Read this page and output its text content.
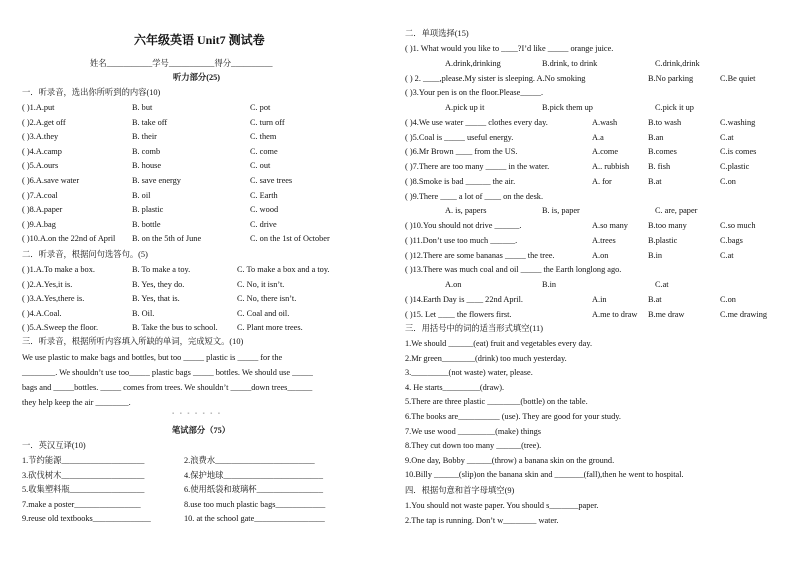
六年级英语 Unit7 测试卷
姓名___________学号___________得分__________
听力部分(25)
一．听录音，选出你所听到的内容(10)
( )1.A.put	B. but	C. pot
( )2.A.get off	B. take off	C. turn off
( )3.A.they	B. their	C. them
( )4.A.camp	B. comb	C. come
( )5.A.ours	B. house	C. out
( )6.A.save water	B. save energy	C. save trees
( )7.A.coal	B. oil	C. Earth
( )8.A.paper	B. plastic	C. wood
( )9.A.bag	B. bottle	C. drive
( )10.A.on the 22nd of April B. on the 5th of June	C. on the 1st of October
二．听录音，根据问句选答句。(5)
( )1.A.To make a box.	B. To make a toy.	C. To make a box and a toy.
( )2.A.Yes,it is.	B. Yes, they do.	C. No, it isn’t.
( )3.A.Yes,there is.	B. Yes, that is.	C. No, there isn’t.
( )4.A.Coal.	B. Oil.	C. Coal and oil.
( )5.A.Sweep the floor.	B. Take the bus to school. C. Plant more trees.
三．听录音，根据所听内容填入所缺的单词，完成短文。(10)
We use plastic to make bags and bottles, but too _____ plastic is _____ for the
________. We shouldn’t use too_____ plastic bags _____ bottles. We should use _____
bags and _____bottles. _____ comes from trees. We shouldn’t _____down trees______
they help keep the air ________.
▪ ▪ ▪ ▪ ▪ ▪ ▪
笔试部分（75）
一．英汉互译(10)
1.节约能源____________________	2.浪费水________________________
3.砍伐树木____________________	4.保护地球________________________
5.收集塑料瓶__________________	6.使用纸袋和玻璃杯________________
7.make a poster________________	8.use too much plastic bags____________
9.reuse old textbooks______________	10. at the school gate_________________
二．单项选择(15)
( )1. What would you like to ____?I’d like _____ orange juice.
A.drink,drinking	B.drink, to drink	C.drink,drink
( ) 2. ____,please.My sister is sleeping. A.No smoking	B.No parking	C.Be quiet
( )3.Your pen is on the floor.Please_____.
A.pick up it	B.pick them up	C.pick it up
( )4.We use water _____ clothes every day.	A.wash	B.to wash	C.washing
( )5.Coal is _____ useful energy.	A.a	B.an	C.at
( )6.Mr Brown ____ from the US.	A.come	B.comes	C.is comes
( )7.There are too many _____ in the water.	A.. rubbish B. fish	C.plastic
( )8.Smoke is bad ______ the air.	A. for	B.at	C.on
( )9.There ____ a lot of ____ on the desk.
A. is, papers	B. is, paper	C. are, paper
( )10.You should not drive ______.	A.so many B.too many	C.so much
( )11.Don’t use too much ______.	A.trees	B.plastic	C.bags
( )12.There are some bananas _____ the tree.	A.on	B.in	C.at
( )13.There was much coal and oil _____ the Earth longlong ago.
A.on	B.in	C.at
( )14.Earth Day is ____ 22nd April.	A.in	B.at	C.on
( )15. Let ____ the flowers first.	A.me to draw B.me draw	C.me drawing
三．用括号中的词的适当形式填空(11)
1.We should ______(eat) fruit and vegetables every day.
2.Mr green________(drink) too much yesterday.
3._________(not waste) water, please.
4. He starts_________(draw).
5.There are three plastic ________(bottle) on the table.
6.The books are__________ (use). They are good for your study.
7.We use wood _________(make) things
8.They cut down too many ______(tree).
9.One day, Bobby ______(throw) a banana skin on the ground.
10.Billy ______(slip)on the banana skin and _______(fall),then he went to hospital.
四．根据句意和首字母填空(9)
1.You should not waste paper. You should s_______paper.
2.The tap is running. Don’t w________ water.
